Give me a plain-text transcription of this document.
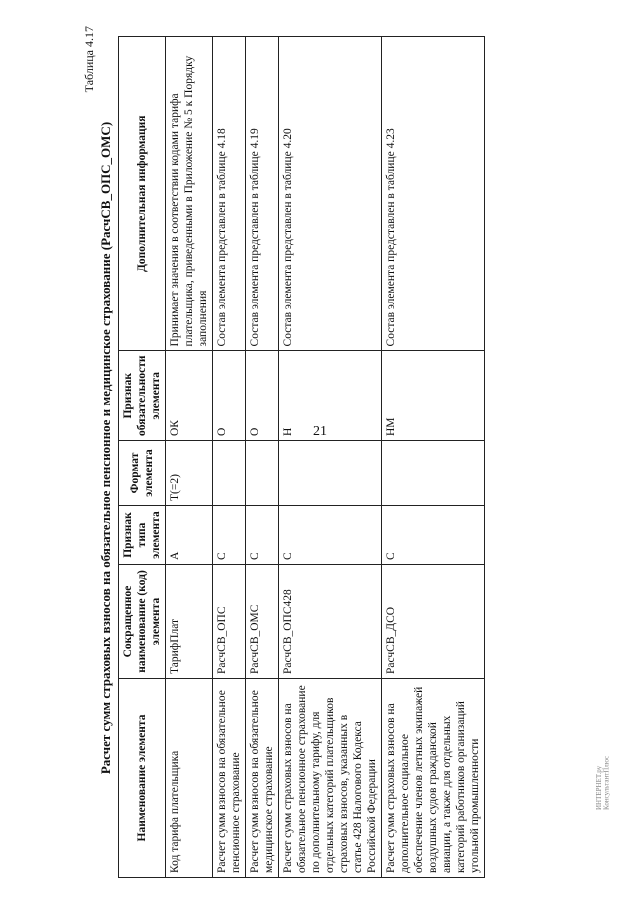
21
Таблица 4.17
Расчет сумм страховых взносов на обязательное пенсионное и медицинское страхование (РасчСВ_ОПС_ОМС)
Наименование элемента	Сокращенное наименование (код) элемента	Признак типа элемента	Формат элемента	Признак обязательности элемента	Дополнительная информация
Код тарифа плательщика	ТарифПлат	А	T(=2)	ОК	Принимает значения в соответствии кодами тарифа плательщика, приведенными в Приложение № 5 к Порядку заполнения
Расчет сумм взносов на обязательное пенсионное страхование	РасчСВ_ОПС	С		О	Состав элемента представлен в таблице 4.18
Расчет сумм взносов на обязательное медицинское страхование	РасчСВ_ОМС	С		О	Состав элемента представлен в таблице 4.19
Расчет сумм страховых взносов на обязательное пенсионное страхование по дополнительному тарифу, для отдельных категорий плательщиков страховых взносов, указанных в статье 428 Налогового Кодекса Российской Федерации	РасчСВ_ОПС428	С		Н	Состав элемента представлен в таблице 4.20
Расчет сумм страховых взносов на дополнительное социальное обеспечение членов летных экипажей воздушных судов гражданской авиации, а также для отдельных категорий работников организаций угольной промышленности	РасчСВ_ДСО	С		НМ	Состав элемента представлен в таблице 4.23
ИНТЕРНЕТ.ру
КонсультантПлюс
